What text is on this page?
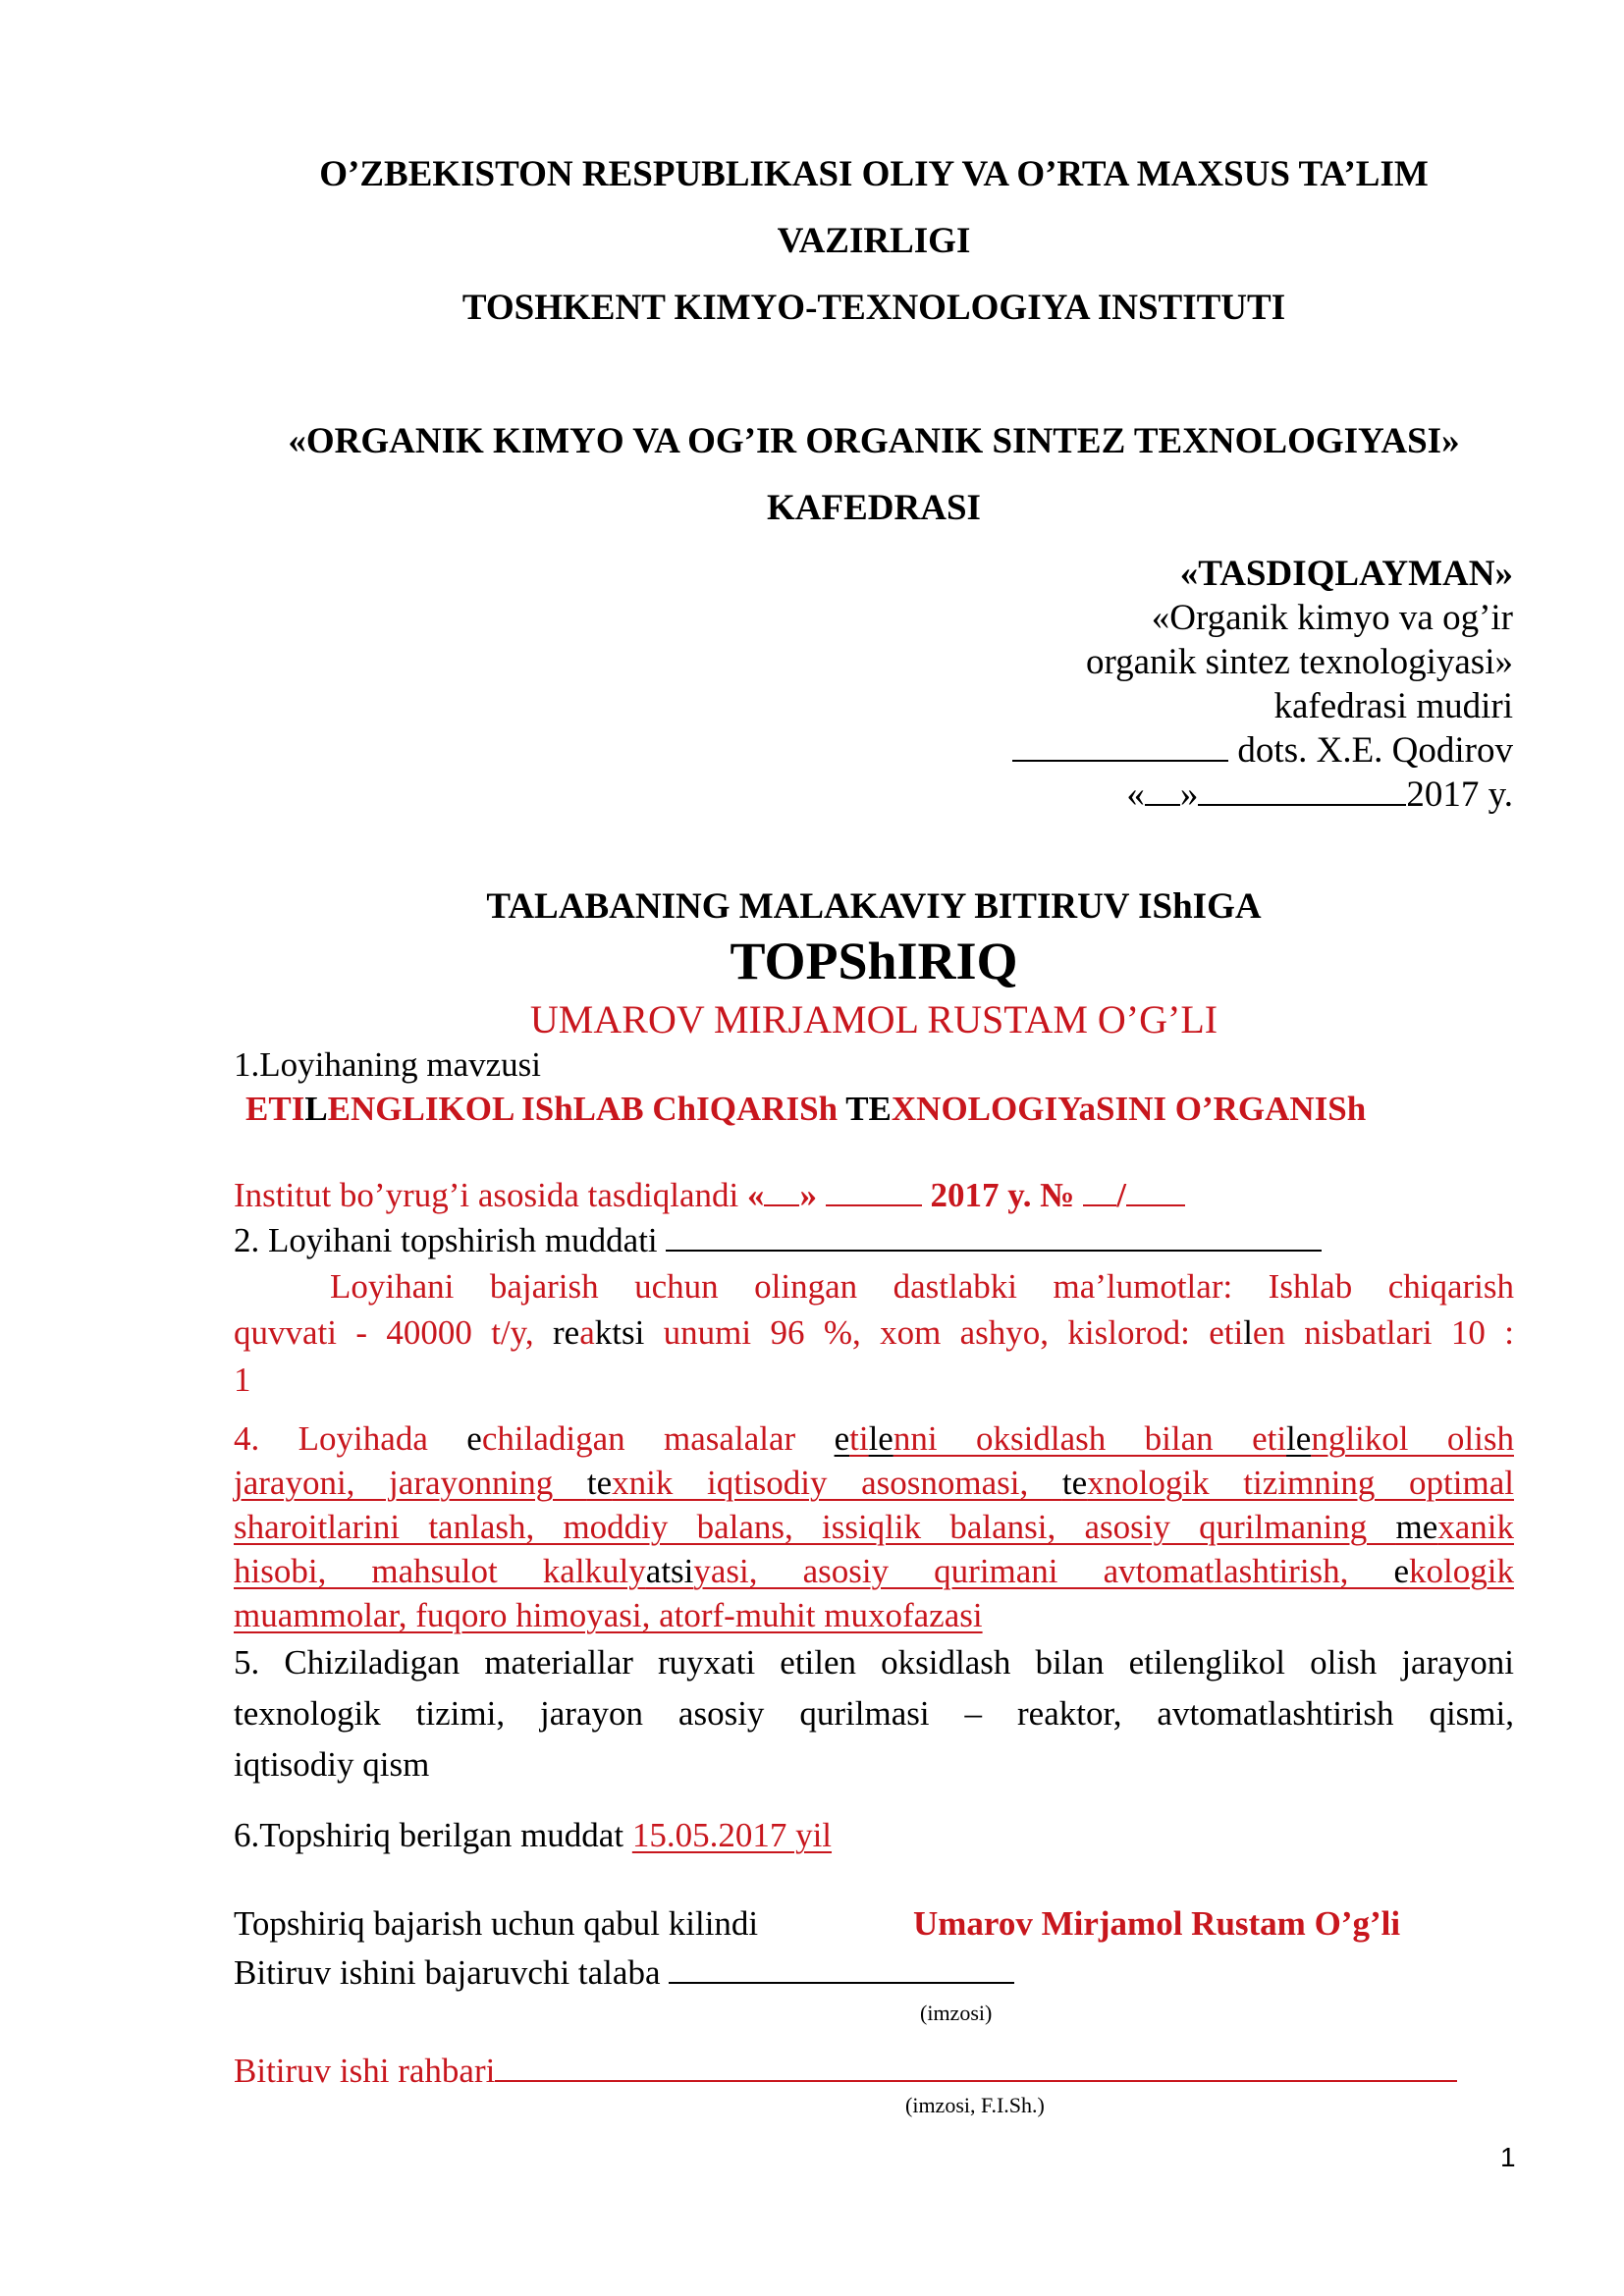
O’ZBEKISTON RESPUBLIKASI OLIY VA O’RTA MAXSUS TA’LIM
VAZIRLIGI
TOSHKENT KIMYO-TEXNOLOGIYA INSTITUTI
«ORGANIK KIMYO VA OG’IR ORGANIK SINTEZ TEXNOLOGIYASI»
KAFEDRASI
«TASDIQLAYMAN»
«Organik kimyo va og’ir
organik sintez texnologiyasi»
kafedrasi mudiri
dots. X.E. Qodirov
« »	2017 y.
TALABANING MALAKAVIY BITIRUV IShIGA
TOPShIRIQ
UMAROV MIRJAMOL RUSTAM O’G’LI
1.Loyihaning mavzusi
ETILENGLIKOL IShLAB ChIQARISh TEXNOLOGIYaSINI O’RGANISh
Institut bo’yrug’i asosida tasdiqlandi « »	2017 y. № /
2. Loyihani topshirish muddati
Loyihani bajarish uchun olingan dastlabki ma’lumotlar: Ishlab chiqarish
quvvati - 40000 t/y, reaktsi unumi 96 %, xom ashyo, kislorod: etilen nisbatlari 10 :
1
4. Loyihada echiladigan masalalar etilenni oksidlash bilan etilenglikol olish
jarayoni, jarayonning texnik iqtisodiy asosnomasi, texnologik tizimning optimal
sharoitlarini tanlash, moddiy balans, issiqlik balansi, asosiy qurilmaning mexanik
hisobi, mahsulot kalkulyatsiyasi, asosiy qurimani avtomatlashtirish, ekologik
muammolar, fuqoro himoyasi, atorf-muhit muxofazasi
5. Chiziladigan materiallar ruyxati etilen oksidlash bilan etilenglikol olish jarayoni
texnologik tizimi, jarayon asosiy qurilmasi – reaktor, avtomatlashtirish qismi,
iqtisodiy qism
6.Topshiriq berilgan muddat 15.05.2017 yil
Topshiriq bajarish uchun qabul kilindi	Umarov Mirjamol Rustam O’g’li
Bitiruv ishini bajaruvchi talaba
(imzosi)
Bitiruv ishi rahbari
(imzosi, F.I.Sh.)
1
